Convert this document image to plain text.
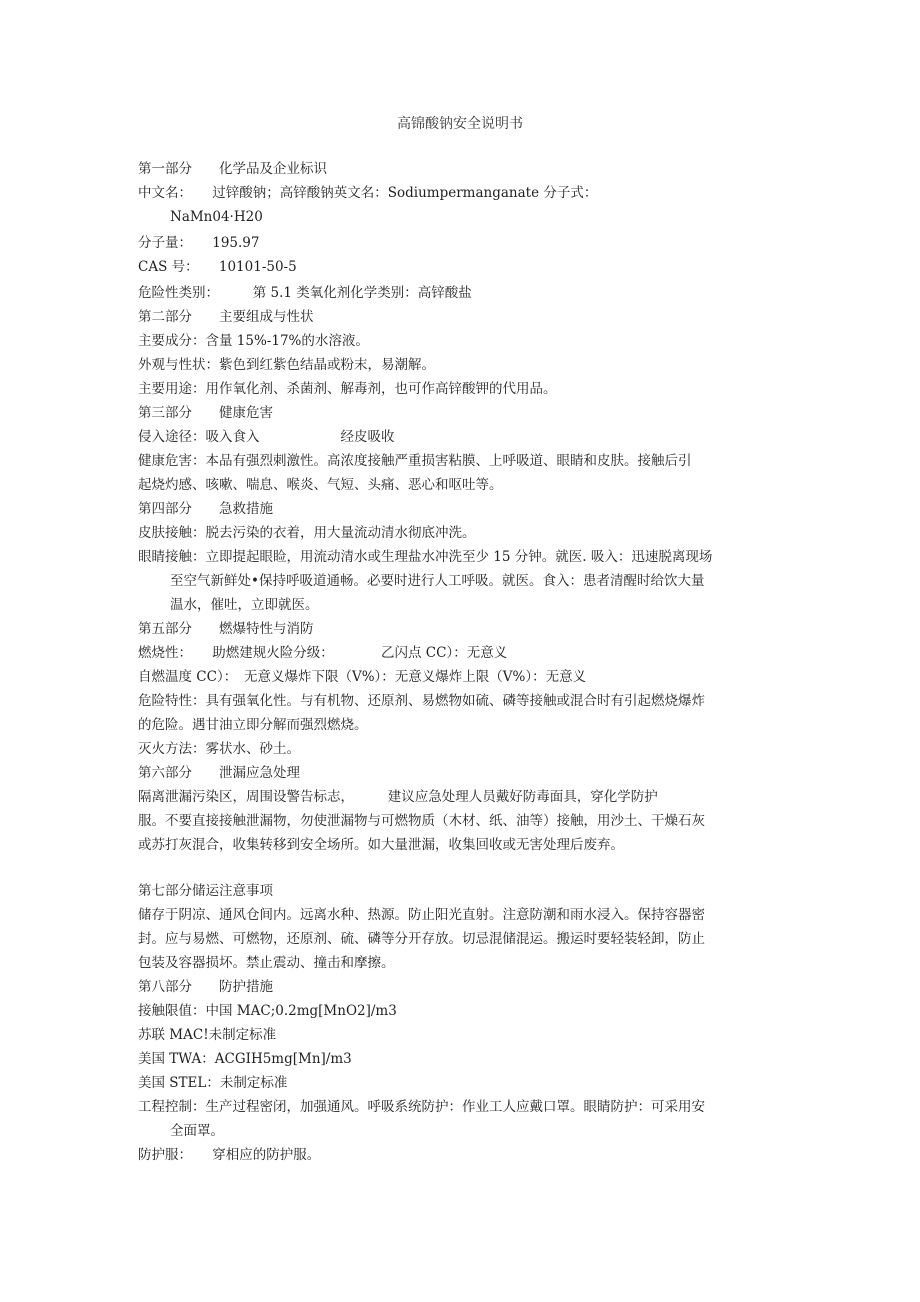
高锦酸钠安全说明书
第一部分　　化学品及企业标识
中文名：　　过锌酸钠；高锌酸钠英文名：Sodiumpermanganate 分子式：
NaMn04·H20
分子量：　　195.97
CAS 号：　　10101-50-5
危险性类别：　　　第 5.1 类氧化剂化学类别：高锌酸盐
第二部分　　主要组成与性状
主要成分：含量 15%-17%的水溶液。
外观与性状：紫色到红紫色结晶或粉末，易潮解。
主要用途：用作氧化剂、杀菌剂、解毒剂，也可作高锌酸钾的代用品。
第三部分　　健康危害
侵入途径：吸入食入　　　　　　经皮吸收
健康危害：本品有强烈刺激性。高浓度接触严重损害粘膜、上呼吸道、眼睛和皮肤。接触后引
起烧灼感、咳嗽、喘息、喉炎、气短、头痛、恶心和呕吐等。
第四部分　　急救措施
皮肤接触：脱去污染的衣着，用大量流动清水彻底冲洗。
眼睛接触：立即提起眼睑，用流动清水或生理盐水冲洗至少 15 分钟。就医. 吸入：迅速脱离现场
至空气新鲜处•保持呼吸道通畅。必要时进行人工呼吸。就医。食入：患者清醒时给饮大量
温水，催吐，立即就医。
第五部分　　燃爆特性与消防
燃烧性：　　助燃建规火险分级：　　　　乙闪点 CC）：无意义
自燃温度 CC）：　无意义爆炸下限（V%）：无意义爆炸上限（V%）：无意义
危险特性：具有强氧化性。与有机物、还原剂、易燃物如硫、磷等接触或混合时有引起燃烧爆炸
的危险。遇甘油立即分解而强烈燃烧。
灭火方法：雾状水、砂土。
第六部分　　泄漏应急处理
隔离泄漏污染区，周围设警告标志，　　　建议应急处理人员戴好防毒面具，穿化学防护
服。不要直接接触泄漏物，勿使泄漏物与可燃物质（木材、纸、油等）接触，用沙土、干燥石灰
或苏打灰混合，收集转移到安全场所。如大量泄漏，收集回收或无害处理后废弃。
第七部分储运注意事项
储存于阴凉、通风仓间内。远离水种、热源。防止阳光直射。注意防潮和雨水浸入。保持容器密
封。应与易燃、可燃物，还原剂、硫、磷等分开存放。切忌混储混运。搬运时要轻装轻卸，防止
包装及容器损坏。禁止震动、撞击和摩擦。
第八部分　　防护措施
接触限值：中国 MAC;0.2mg[MnO2]/m3
苏联 MAC!未制定标准
美国 TWA：ACGIH5mg[Mn]/m3
美国 STEL：未制定标准
工程控制：生产过程密闭，加强通风。呼吸系统防护：作业工人应戴口罩。眼睛防护：可采用安
全面罩。
防护服：　　穿相应的防护服。
